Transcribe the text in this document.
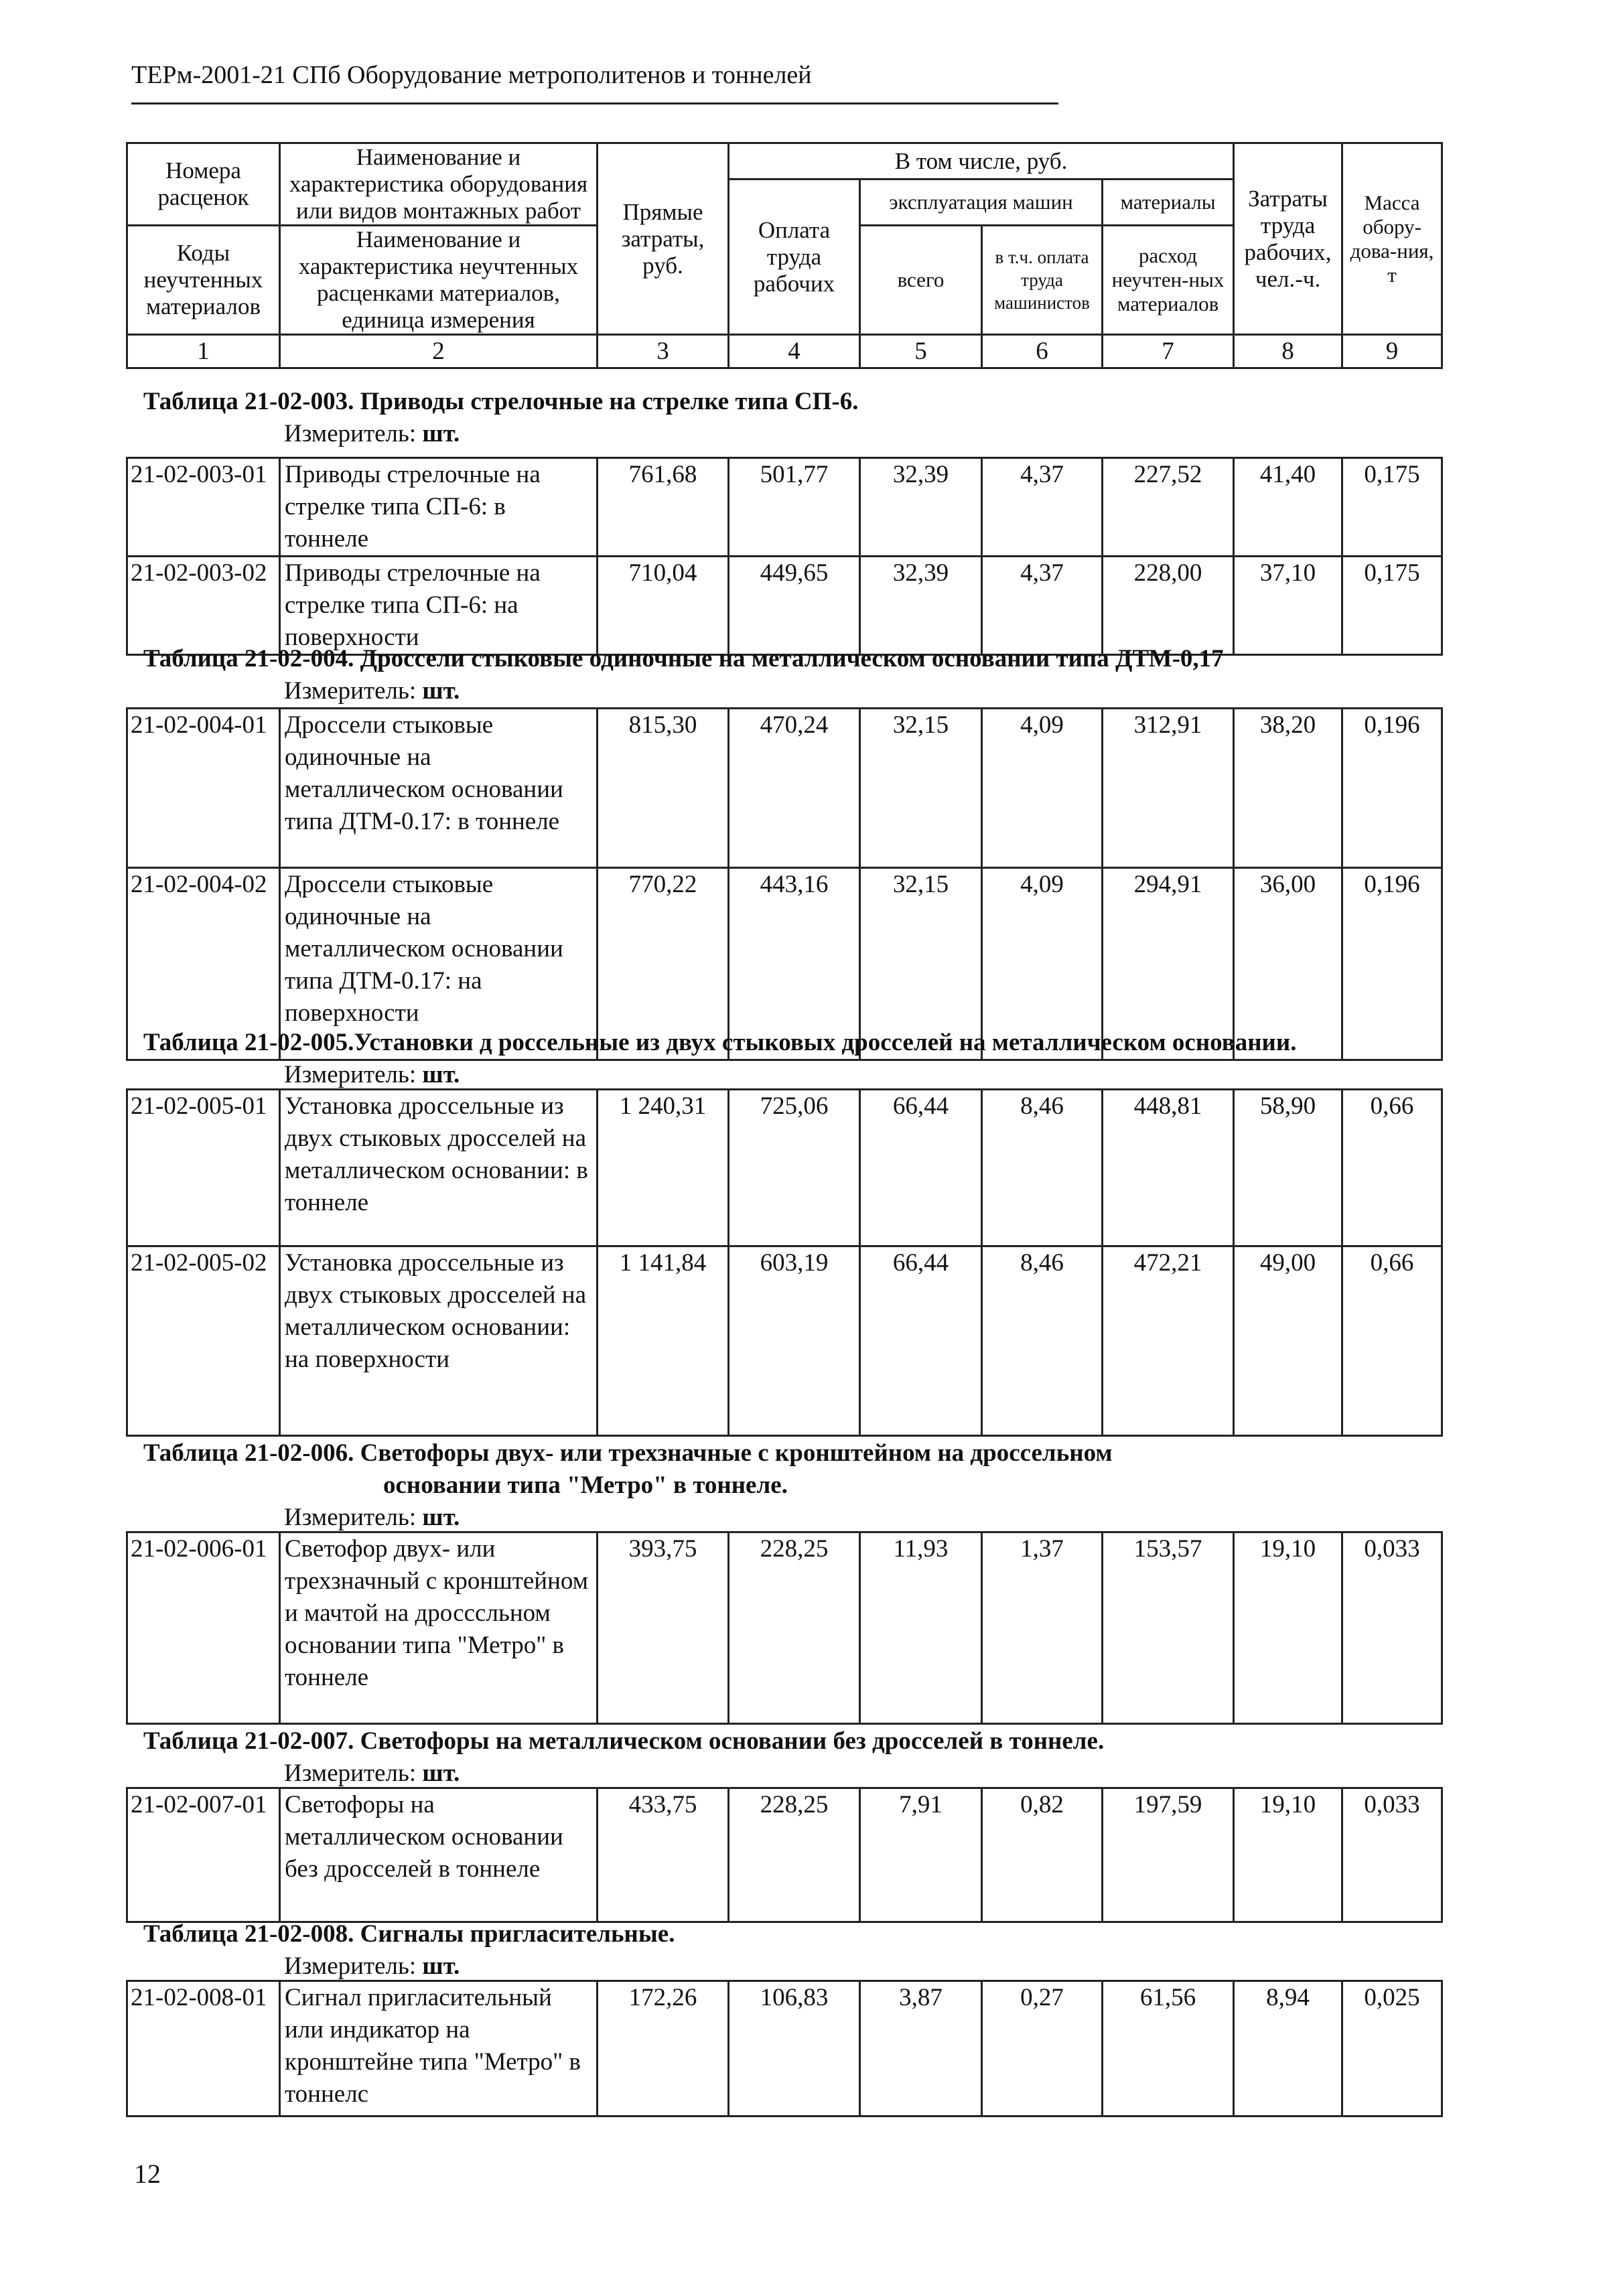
ТЕРм-2001-21 СПб Оборудование метрополитенов и тоннелей
Номера расценок	Наименование и характеристика оборудования или видов монтажных работ	Прямые затраты, руб.	В том числе, руб.				Затраты труда рабочих, чел.-ч.	Масса обору-дова-ния, т
			Оплата труда рабочих	эксплуатация машин		материалы		
Коды неучтенных материалов	Наименование и характеристика неучтенных расценками материалов, единица измерения			всего	в т.ч. оплата труда машинистов	расход неучтен-ных материалов		

1	2	3	4	5	6	7	8	9
Таблица 21-02-003. Приводы стрелочные на стрелке типа СП-6.
Измеритель: шт.
21-02-003-01	Приводы стрелочные на стрелке типа СП-6: в тоннеле	761,68	501,77	32,39	4,37	227,52	41,40	0,175
21-02-003-02	Приводы стрелочные на стрелке типа СП-6: на поверхности	710,04	449,65	32,39	4,37	228,00	37,10	0,175
Таблица 21-02-004. Дроссели стыковые одиночные на металлическом основании типа ДТМ-0,17
Измеритель: шт.
21-02-004-01	Дроссели стыковые одиночные на металлическом основании типа ДТМ-0.17: в тоннеле	815,30	470,24	32,15	4,09	312,91	38,20	0,196
21-02-004-02	Дроссели стыковые одиночные на металлическом основании типа ДТМ-0.17: на поверхности	770,22	443,16	32,15	4,09	294,91	36,00	0,196
Таблица 21-02-005.Установки д россельные из двух стыковых дросселей на металлическом основании.
Измеритель: шт.
21-02-005-01	Установка дроссельные из двух стыковых дросселей на металлическом основании: в тоннеле	1 240,31	725,06	66,44	8,46	448,81	58,90	0,66
21-02-005-02	Установка дроссельные из двух стыковых дросселей на металлическом основании: на поверхности	1 141,84	603,19	66,44	8,46	472,21	49,00	0,66
Таблица 21-02-006. Светофоры двух- или трехзначные с кронштейном на дроссельном
основании типа "Метро" в тоннеле.
Измеритель: шт.
21-02-006-01	Светофор двух- или трехзначный с кронштейном и мачтой на дросссльном основании типа "Метро" в тоннеле	393,75	228,25	11,93	1,37	153,57	19,10	0,033
Таблица 21-02-007. Светофоры на металлическом основании без дросселей в тоннеле.
Измеритель: шт.
21-02-007-01	Светофоры на металлическом основании без дросселей в тоннеле	433,75	228,25	7,91	0,82	197,59	19,10	0,033
Таблица 21-02-008. Сигналы пригласительные.
Измеритель: шт.
21-02-008-01	Сигнал пригласительный или индикатор на кронштейне типа "Метро" в тоннелс	172,26	106,83	3,87	0,27	61,56	8,94	0,025
12
